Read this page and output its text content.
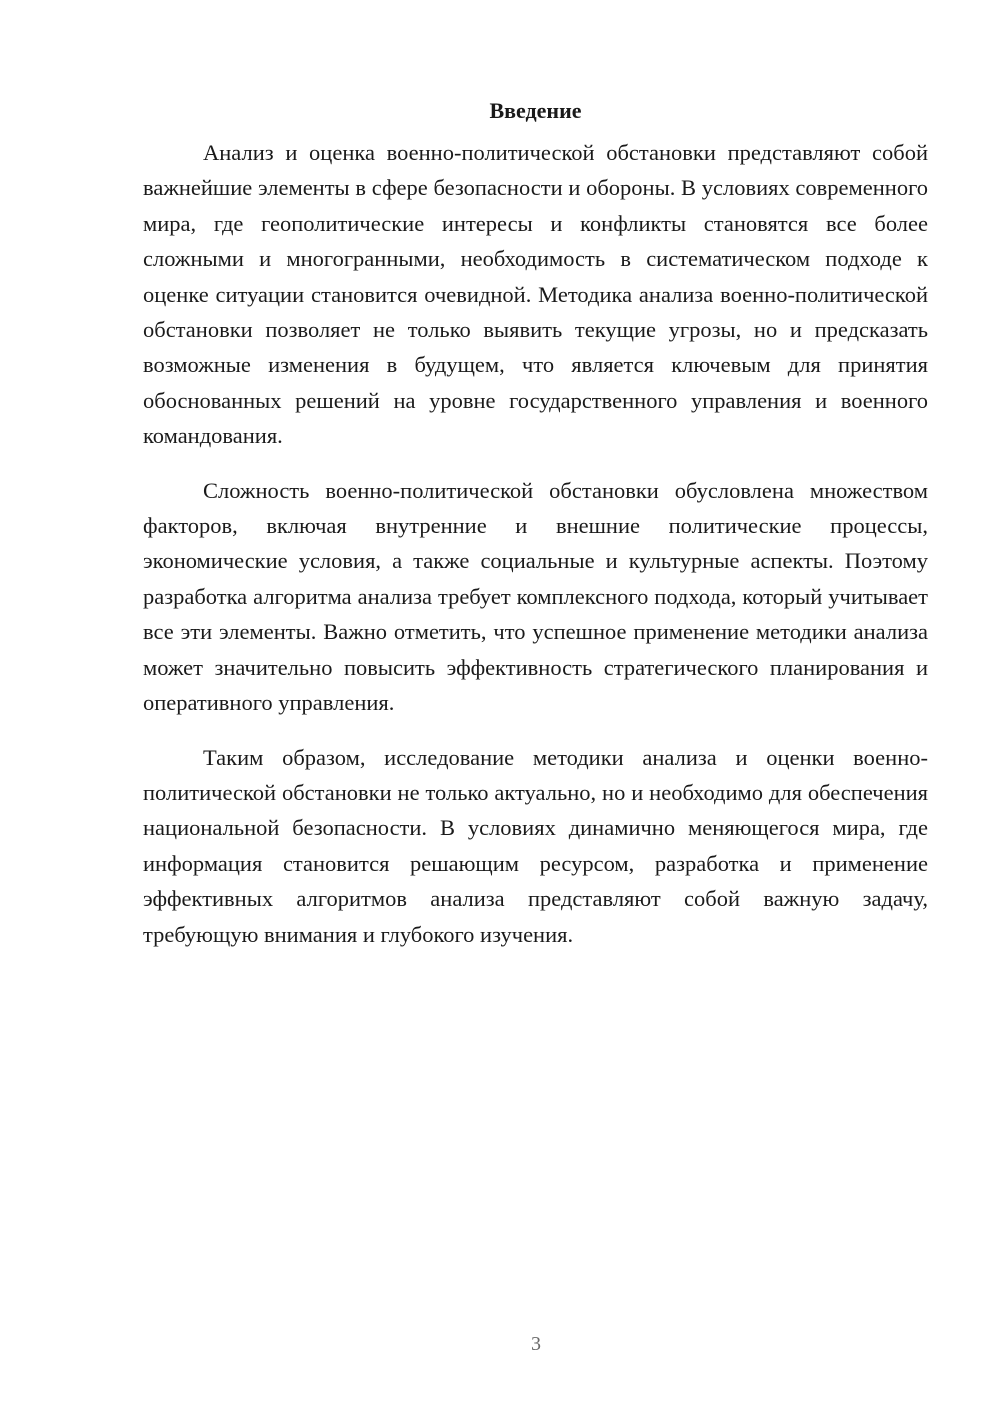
Введение

Анализ и оценка военно-политической обстановки представляют собой важнейшие элементы в сфере безопасности и обороны. В условиях современного мира, где геополитические интересы и конфликты становятся все более сложными и многогранными, необходимость в систематическом подходе к оценке ситуации становится очевидной. Методика анализа военно-политической обстановки позволяет не только выявить текущие угрозы, но и предсказать возможные изменения в будущем, что является ключевым для принятия обоснованных решений на уровне государственного управления и военного командования.

Сложность военно-политической обстановки обусловлена множеством факторов, включая внутренние и внешние политические процессы, экономические условия, а также социальные и культурные аспекты. Поэтому разработка алгоритма анализа требует комплексного подхода, который учитывает все эти элементы. Важно отметить, что успешное применение методики анализа может значительно повысить эффективность стратегического планирования и оперативного управления.

Таким образом, исследование методики анализа и оценки военно-политической обстановки не только актуально, но и необходимо для обеспечения национальной безопасности. В условиях динамично меняющегося мира, где информация становится решающим ресурсом, разработка и применение эффективных алгоритмов анализа представляют собой важную задачу, требующую внимания и глубокого изучения.

3
